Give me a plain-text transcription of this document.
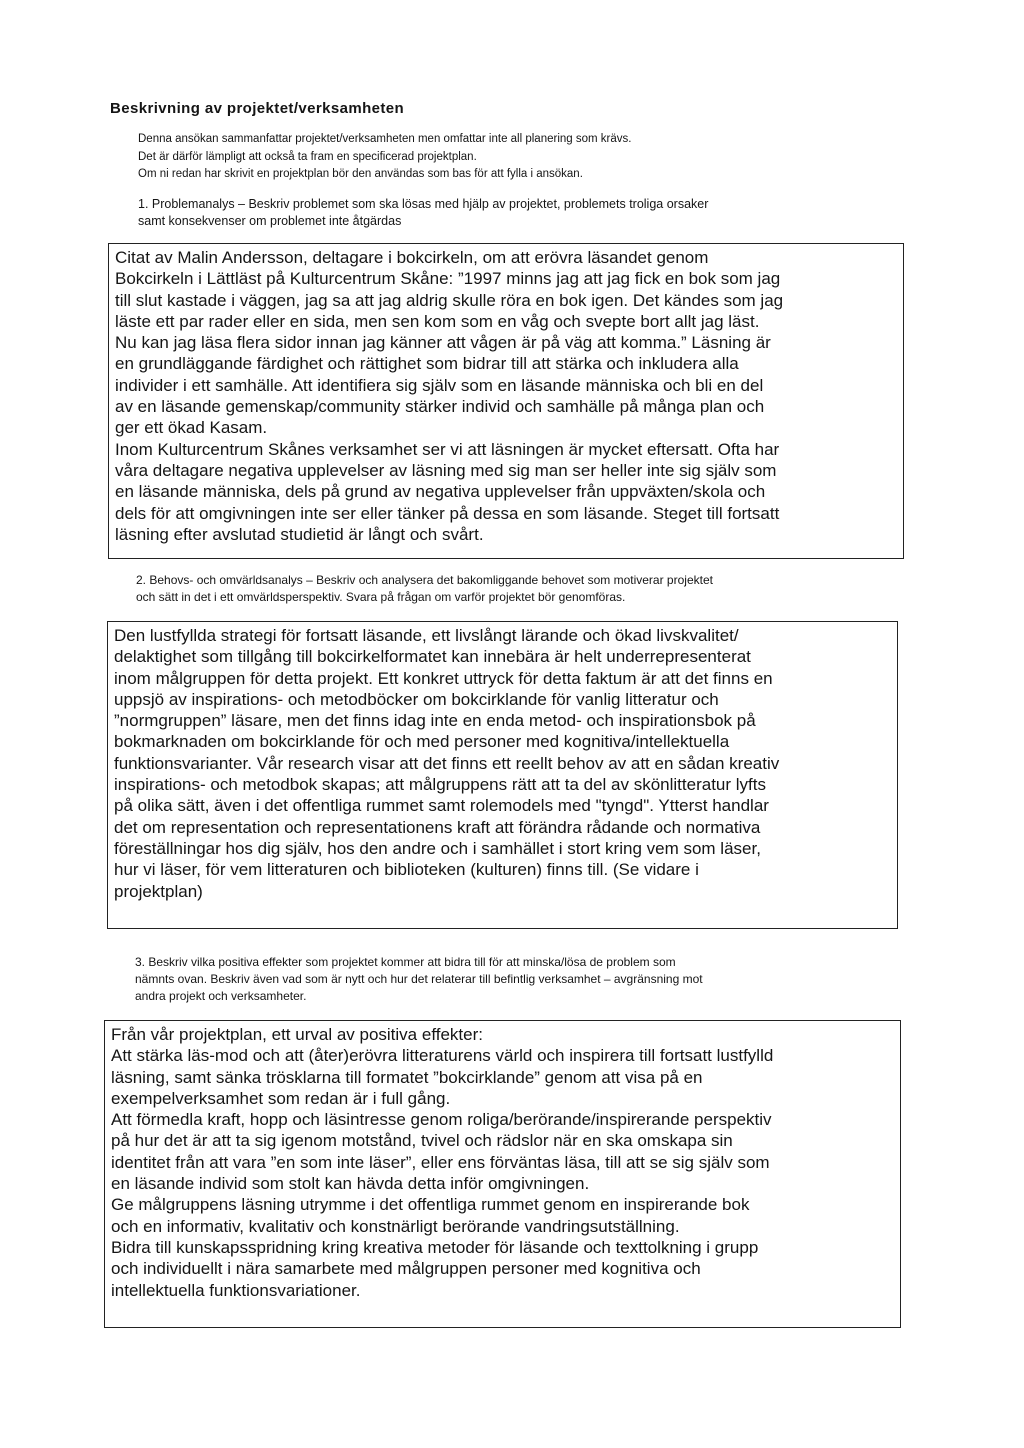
Beskrivning av projektet/verksamheten
Denna ansökan sammanfattar projektet/verksamheten men omfattar inte all planering som krävs.
Det är därför lämpligt att också ta fram en specificerad projektplan.
Om ni redan har skrivit en projektplan bör den användas som bas för att fylla i ansökan.
1. Problemanalys – Beskriv problemet som ska lösas med hjälp av projektet, problemets troliga orsaker
samt konsekvenser om problemet inte åtgärdas
Citat av Malin Andersson, deltagare i bokcirkeln, om att erövra läsandet genom
Bokcirkeln i Lättläst på Kulturcentrum Skåne: ”1997 minns jag att jag fick en bok som jag
till slut kastade i väggen, jag sa att jag aldrig skulle röra en bok igen. Det kändes som jag
läste ett par rader eller en sida, men sen kom som en våg och svepte bort allt jag läst.
Nu kan jag läsa flera sidor innan jag känner att vågen är på väg att komma.” Läsning är
en grundläggande färdighet och rättighet som bidrar till att stärka och inkludera alla
individer i ett samhälle. Att identifiera sig själv som en läsande människa och bli en del
av en läsande gemenskap/community stärker individ och samhälle på många plan och
ger ett ökad Kasam.
Inom Kulturcentrum Skånes verksamhet ser vi att läsningen är mycket eftersatt. Ofta har
våra deltagare negativa upplevelser av läsning med sig man ser heller inte sig själv som
en läsande människa, dels på grund av negativa upplevelser från uppväxten/skola och
dels för att omgivningen inte ser eller tänker på dessa en som läsande. Steget till fortsatt
läsning efter avslutad studietid är långt och svårt.
2. Behovs- och omvärldsanalys – Beskriv och analysera det bakomliggande behovet som motiverar projektet
och sätt in det i ett omvärldsperspektiv. Svara på frågan om varför projektet bör genomföras.
Den lustfyllda strategi för fortsatt läsande, ett livslångt lärande och ökad livskvalitet/
delaktighet som tillgång till bokcirkelformatet kan innebära är helt underrepresenterat
inom målgruppen för detta projekt. Ett konkret uttryck för detta faktum är att det finns en
uppsjö av inspirations- och metodböcker om bokcirklande för vanlig litteratur och
”normgruppen” läsare, men det finns idag inte en enda metod- och inspirationsbok på
bokmarknaden om bokcirklande för och med personer med kognitiva/intellektuella
funktionsvarianter. Vår research visar att det finns ett reellt behov av att en sådan kreativ
inspirations- och metodbok skapas; att målgruppens rätt att ta del av skönlitteratur lyfts
på olika sätt, även i det offentliga rummet samt rolemodels med "tyngd". Ytterst handlar
det om representation och representationens kraft att förändra rådande och normativa
föreställningar hos dig själv, hos den andre och i samhället i stort kring vem som läser,
hur vi läser, för vem litteraturen och biblioteken (kulturen) finns till. (Se vidare i
projektplan)
3. Beskriv vilka positiva effekter som projektet kommer att bidra till för att minska/lösa de problem som
nämnts ovan. Beskriv även vad som är nytt och hur det relaterar till befintlig verksamhet – avgränsning mot
andra projekt och verksamheter.
Från vår projektplan, ett urval av positiva effekter:
Att stärka läs-mod och att (åter)erövra litteraturens värld och inspirera till fortsatt lustfylld
läsning, samt sänka trösklarna till formatet ”bokcirklande” genom att visa på en
exempelverksamhet som redan är i full gång.
Att förmedla kraft, hopp och läsintresse genom roliga/berörande/inspirerande perspektiv
på hur det är att ta sig igenom motstånd, tvivel och rädslor när en ska omskapa sin
identitet från att vara ”en som inte läser”, eller ens förväntas läsa, till att se sig själv som
en läsande individ som stolt kan hävda detta inför omgivningen.
Ge målgruppens läsning utrymme i det offentliga rummet genom en inspirerande bok
och en informativ, kvalitativ och konstnärligt berörande vandringsutställning.
Bidra till kunskapsspridning kring kreativa metoder för läsande och texttolkning i grupp
och individuellt i nära samarbete med målgruppen personer med kognitiva och
intellektuella funktionsvariationer.
